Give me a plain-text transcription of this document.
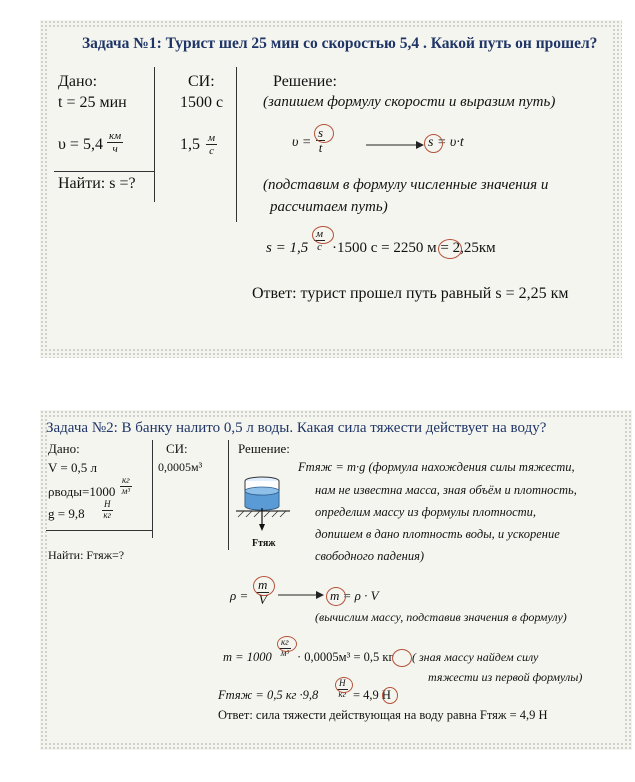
Задача №1: Турист шел 25 мин со скоростью 5,4 . Какой путь он прошел?
Дано:
t = 25 мин
υ = 5,4 км
ч
Найти: s =?
СИ:
1500 с
1,5 м
с
Решение:
(запишем формулу скорости и выразим путь)
$\upsilon = \frac{s}{t}$	s = υ·t
(подставим в формулу численные значения и
рассчитаем путь)
s = 1,5
м
с ·1500 с = 2250 м = 2,25км
Ответ: турист прошел путь равный s = 2,25 км
Задача №2: В банку налито 0,5 л воды. Какая сила тяжести действует на воду?
Дано:
V = 0,5 л
ρводы=1000
кг
м³
g = 9,8
Н
кг
Найти: Fтяж=?
СИ:
0,0005м³
Решение:
Fтяж
Fтяж = m·g (формула нахождения силы тяжести,
нам не известна масса, зная объём и плотность,
определим массу из формулы плотности,
допишем в дано плотность воды, и ускорение
свободного падения)
$\rho = \frac{m}{V}$	m = ρ · V
(вычислим массу, подставив значения в формулу)
m = 1000
кг
м³ · 0,0005м³ = 0,5 кг ( зная массу найдем силу
тяжести из первой формулы)
Fтяж = 0,5 кг ·9,8
Н
кг = 4,9 Н
Ответ: сила тяжести действующая на воду равна Fтяж = 4,9 Н
